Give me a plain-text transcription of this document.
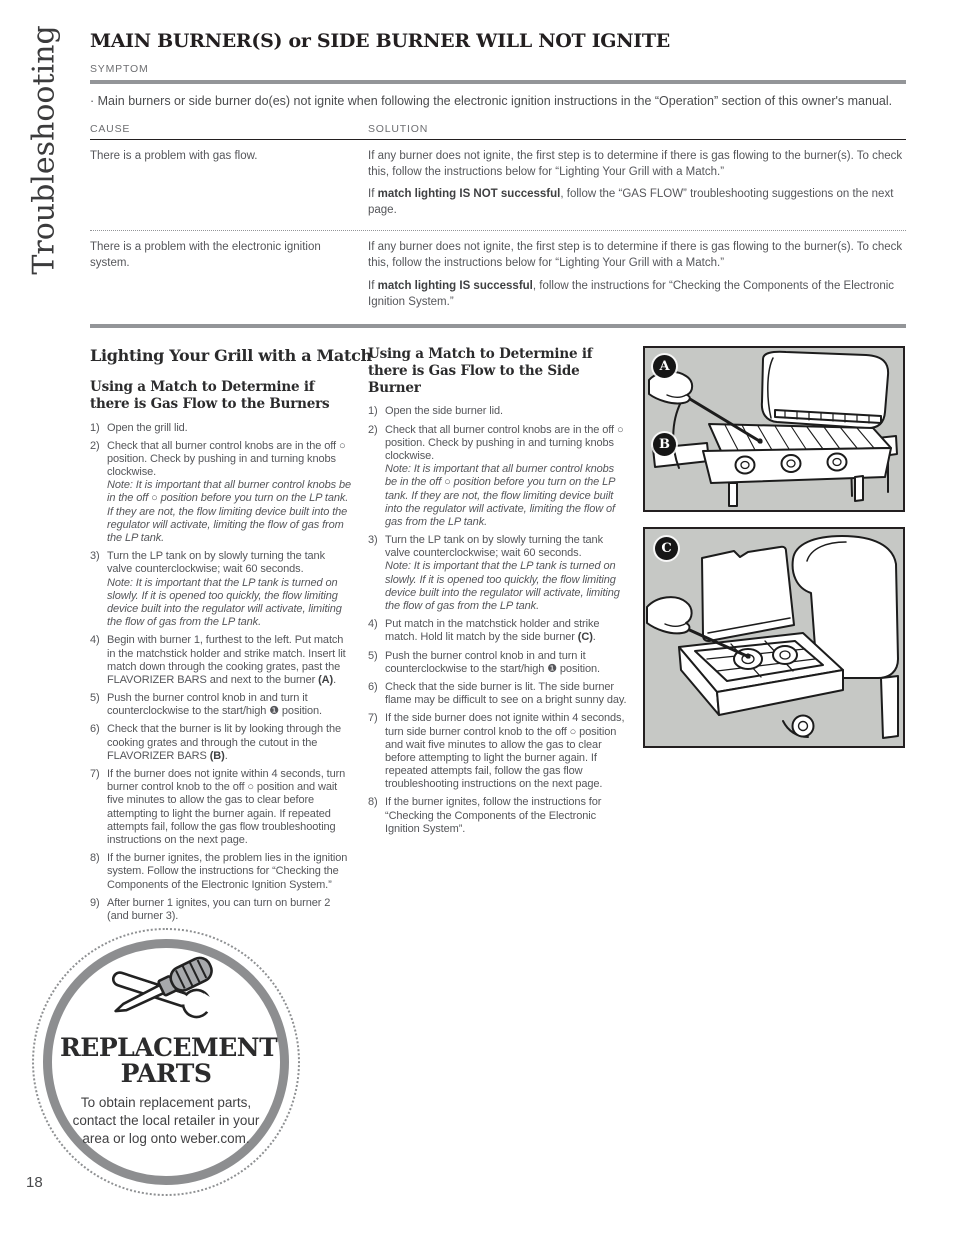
Troubleshooting MAIN BURNER(S) or SIDE BURNER WILL NOT IGNITE
SYMPTOM

· Main burners or side burner do(es) not ignite when following the electronic ignition instructions in the “Operation” section of this owner's manual.

CAUSE	SOLUTION
There is a problem with gas flow.	If any burner does not ignite, the first step is to determine if there is gas flowing to the burner(s). To check this, follow the instructions below for “Lighting Your Grill with a Match.”

If match lighting IS NOT successful, follow the “GAS FLOW” troubleshooting suggestions on the next page.

There is a problem with the electronic ignition system.

If any burner does not ignite, the first step is to determine if there is gas flowing to the burner(s). To check this, follow the instructions below for “Lighting Your Grill with a Match.”

If match lighting IS successful, follow the instructions for “Checking the Components of the Electronic Ignition System.”

Lighting Your Grill with a Match
Using a Match to Determine if there is Gas Flow to the Burners
1) Open the grill lid.
2) Check that all burner control knobs are in the off ○ position. Check by pushing in and turning knobs clockwise.
Note: It is important that all burner control knobs be in the off ○ position before you turn on the LP tank. If they are not, the flow limiting device built into the regulator will activate, limiting the flow of gas from the LP tank.
3) Turn the LP tank on by slowly turning the tank valve counterclockwise; wait 60 seconds.
Note: It is important that the LP tank is turned on slowly. If it is opened too quickly, the flow limiting device built into the regulator will activate, limiting the flow of gas from the LP tank.
4) Begin with burner 1, furthest to the left. Put match in the matchstick holder and strike match. Insert lit match down through the cooking grates, past the FLAVORIZER BARS and next to the burner (A).
5) Push the burner control knob in and turn it counterclockwise to the start/high ❶ position.
6) Check that the burner is lit by looking through the cooking grates and through the cutout in the FLAVORIZER BARS (B).
7) If the burner does not ignite within 4 seconds, turn burner control knob to the off ○ position and wait five minutes to allow the gas to clear before attempting to light the burner again. If repeated attempts fail, follow the gas flow troubleshooting instructions on the next page.
8) If the burner ignites, the problem lies in the ignition system. Follow the instructions for “Checking the Components of the Electronic Ignition System.”
9) After burner 1 ignites, you can turn on burner 2 (and burner 3).
Using a Match to Determine if there is Gas Flow to the Side Burner
1) Open the side burner lid.
2) Check that all burner control knobs are in the off ○ position. Check by pushing in and turning knobs clockwise.
Note: It is important that all burner control knobs be in the off ○ position before you turn on the LP tank. If they are not, the flow limiting device built into the regulator will activate, limiting the flow of gas from the LP tank.
3) Turn the LP tank on by slowly turning the tank valve counterclockwise; wait 60 seconds.
Note: It is important that the LP tank is turned on slowly. If it is opened too quickly, the flow limiting device built into the regulator will activate, limiting the flow of gas from the LP tank.
4) Put match in the matchstick holder and strike match. Hold lit match by the side burner (C).
5) Push the burner control knob in and turn it counterclockwise to the start/high ❶ position.
6) Check that the side burner is lit. The side burner flame may be difficult to see on a bright sunny day.
7) If the side burner does not ignite within 4 seconds, turn side burner control knob to the off ○ position and wait five minutes to allow the gas to clear before attempting to light the burner again. If repeated attempts fail, follow the gas flow troubleshooting instructions on the next page.
8) If the burner ignites, follow the instructions for “Checking the Components of the Electronic Ignition System”.
A
B
C
REPLACEMENT
PARTS

To obtain replacement parts, contact the local retailer in your area or log onto weber.com.

18
